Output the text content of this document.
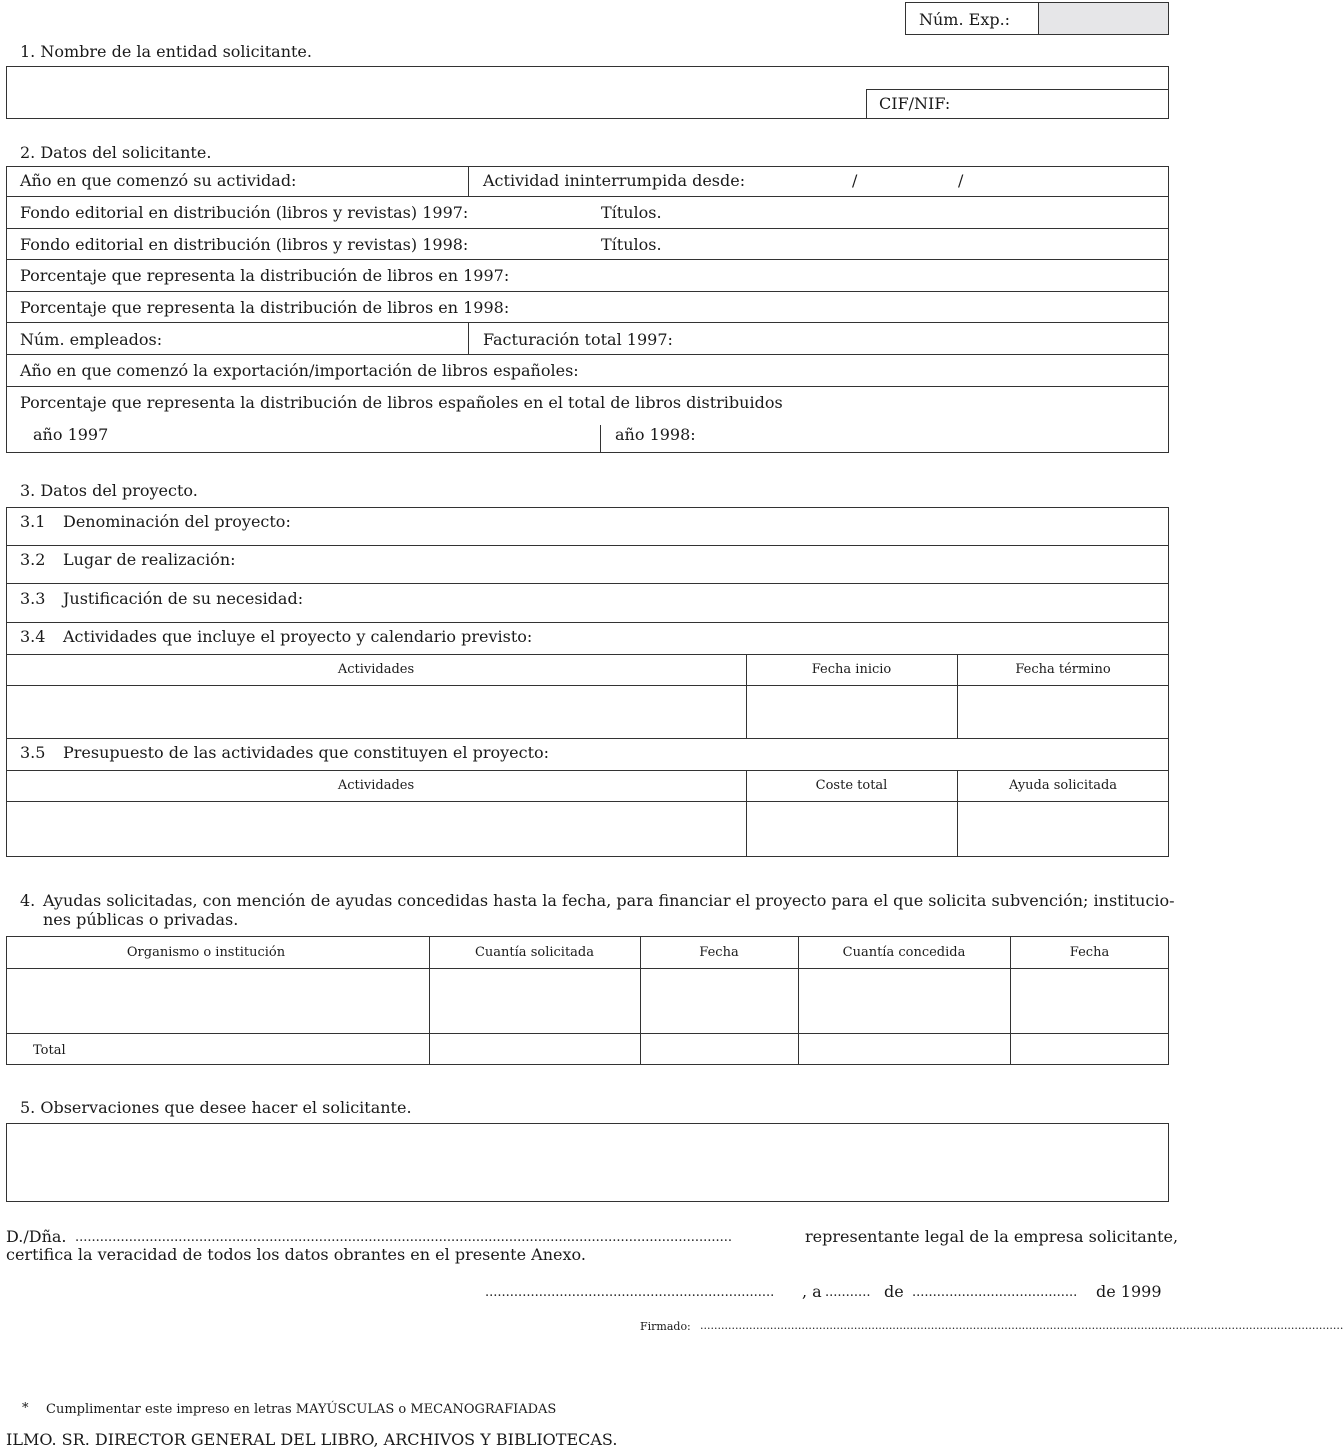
Núm. Exp.:
1. Nombre de la entidad solicitante.
CIF/NIF:
2. Datos del solicitante.
Año en que comenzó su actividad:	Actividad ininterrumpida desde:	/	/
Fondo editorial en distribución (libros y revistas) 1997:	Títulos.
Fondo editorial en distribución (libros y revistas) 1998:	Títulos.
Porcentaje que representa la distribución de libros en 1997:
Porcentaje que representa la distribución de libros en 1998:
Núm. empleados:	Facturación total 1997:
Año en que comenzó la exportación/importación de libros españoles:
Porcentaje que representa la distribución de libros españoles en el total de libros distribuidos
año 1997	año 1998:
3. Datos del proyecto.
3.1 Denominación del proyecto:
3.2 Lugar de realización:
3.3 Justificación de su necesidad:
3.4 Actividades que incluye el proyecto y calendario previsto:
Actividades	Fecha inicio	Fecha término
3.5 Presupuesto de las actividades que constituyen el proyecto:
Actividades	Coste total	Ayuda solicitada
4. Ayudas solicitadas, con mención de ayudas concedidas hasta la fecha, para financiar el proyecto para el que solicita subvención; institucio-
nes públicas o privadas.
Organismo o institución	Cuantía solicitada	Fecha	Cuantía concedida	Fecha
Total
5. Observaciones que desee hacer el solicitante.
D./Dña. ...............................................................................................................................................................	representante legal de la empresa solicitante,
certifica la veracidad de todos los datos obrantes en el presente Anexo.
......................................................................	, a ........... de ........................................	de 1999
Firmado: ........................................................................................................................................................................................
* Cumplimentar este impreso en letras MAYÚSCULAS o MECANOGRAFIADAS
ILMO. SR. DIRECTOR GENERAL DEL LIBRO, ARCHIVOS Y BIBLIOTECAS.
